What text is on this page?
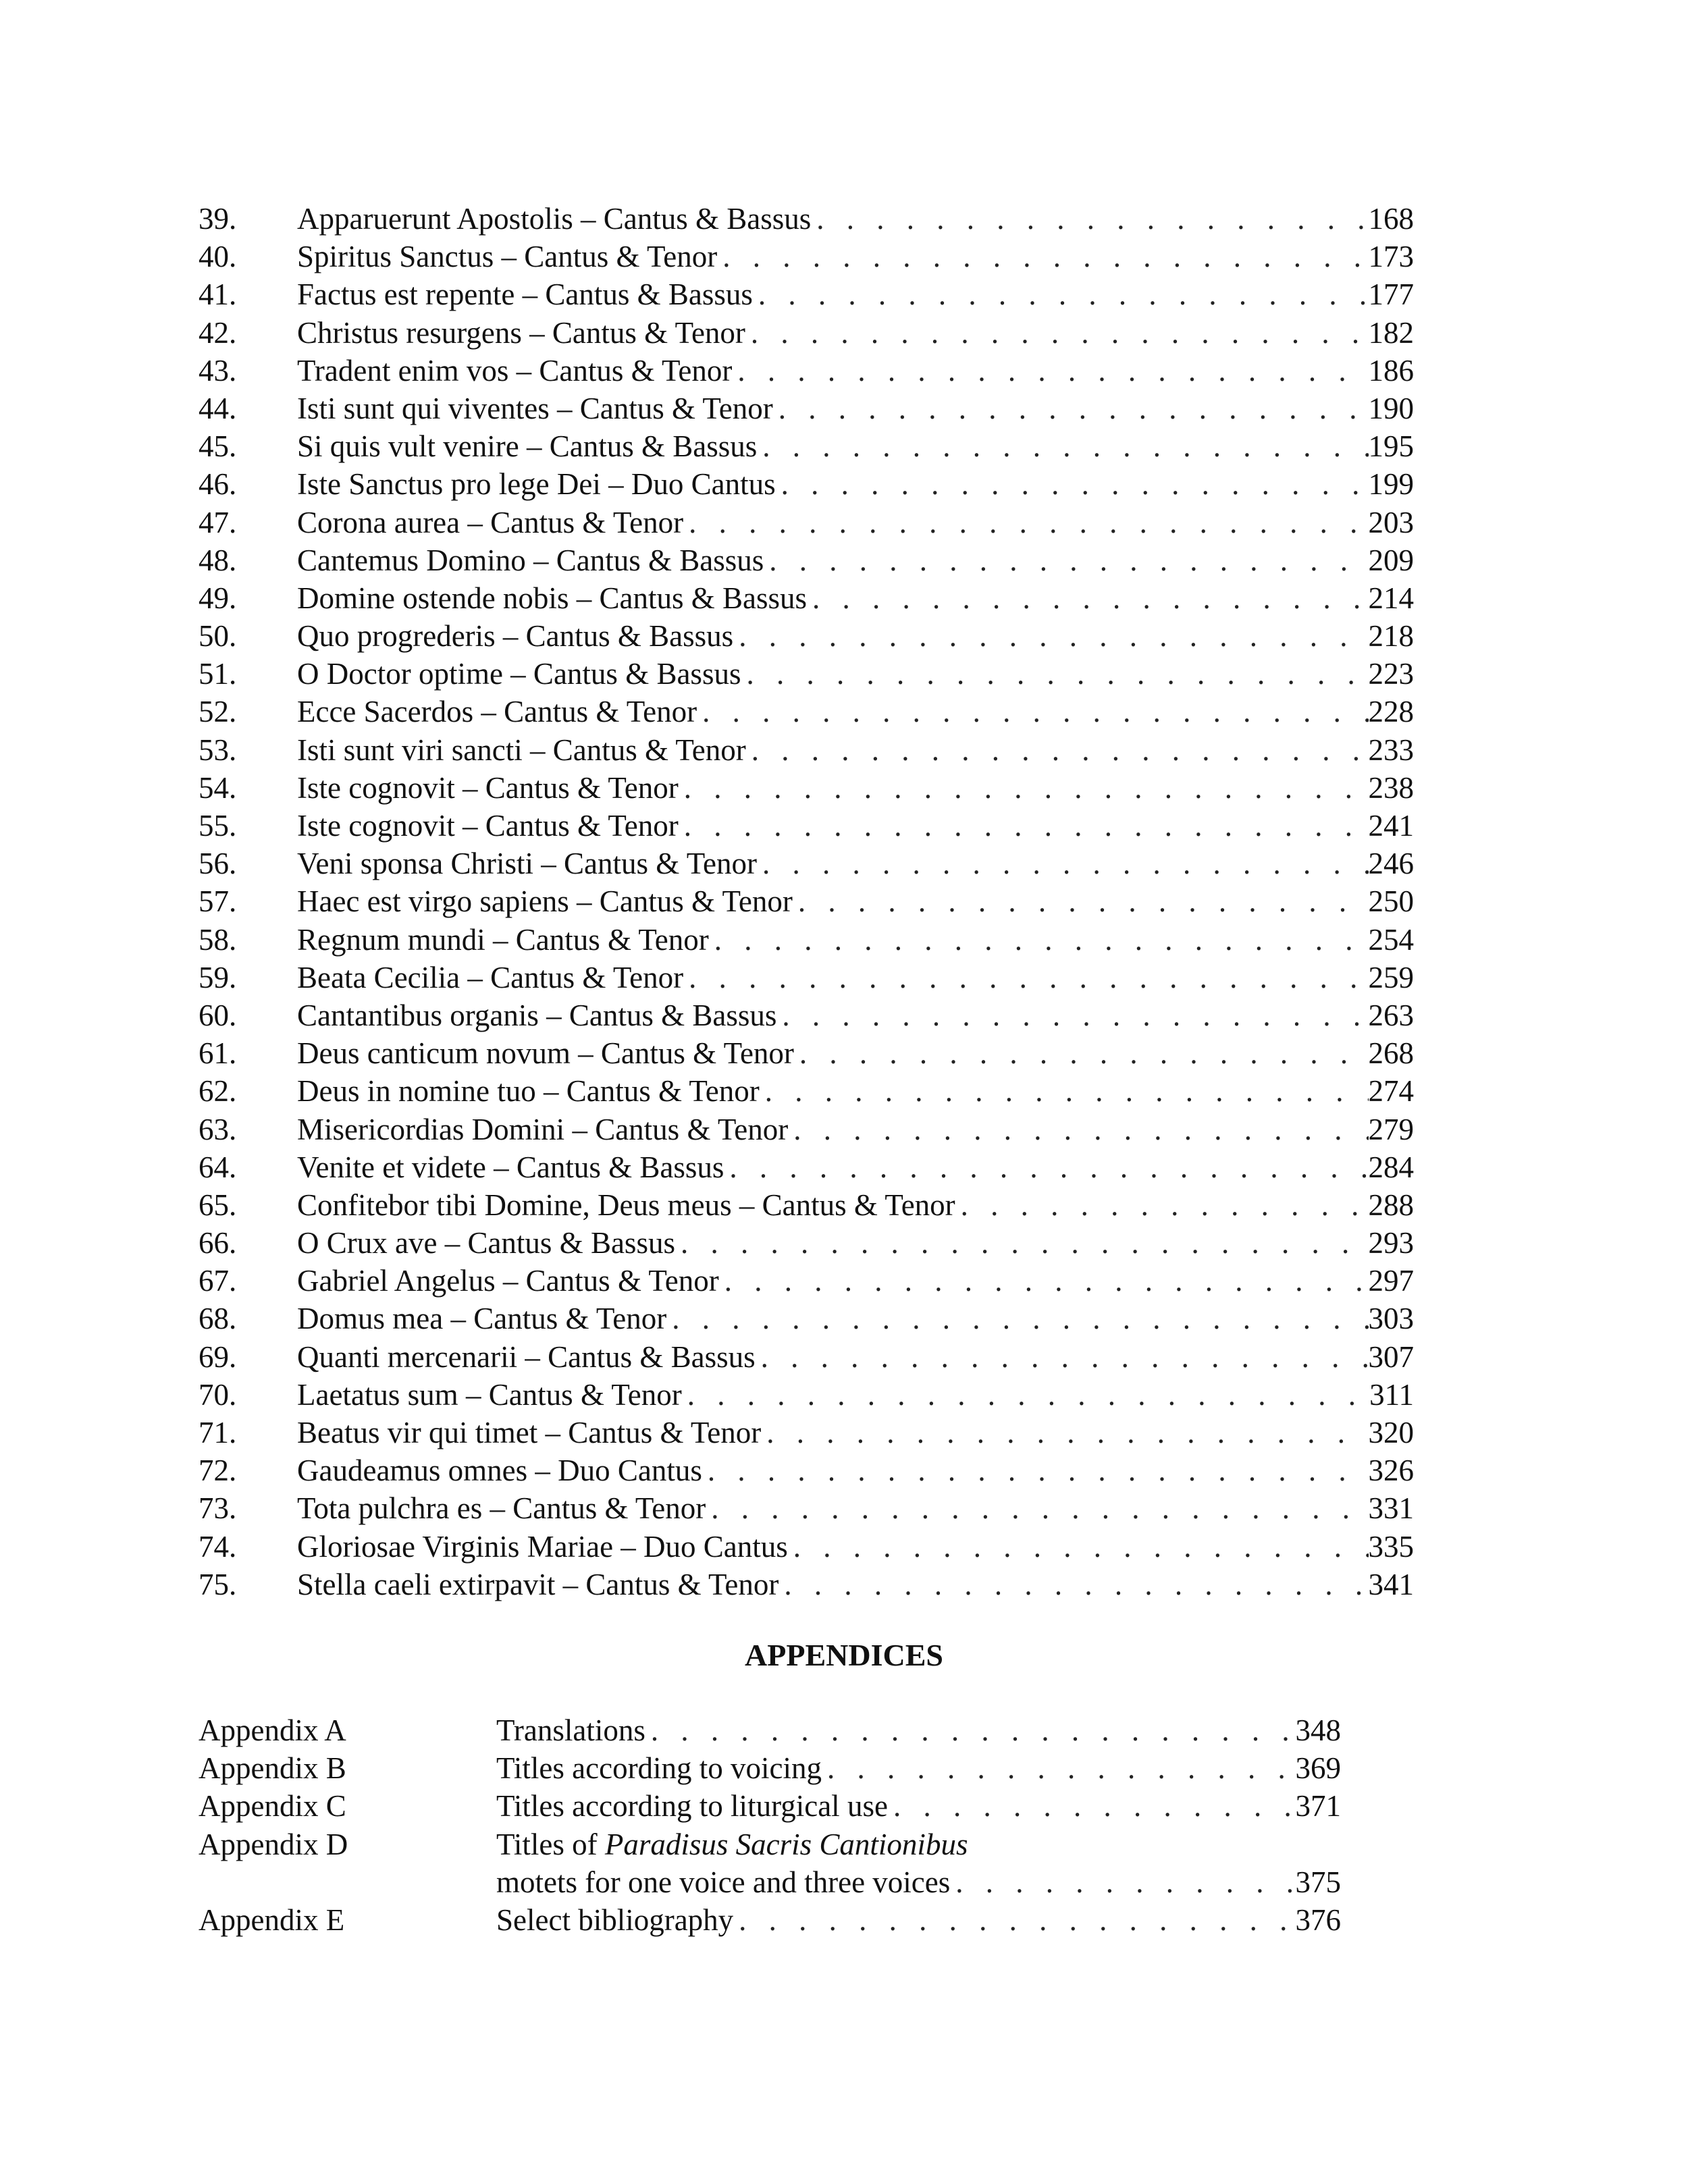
39.	Apparuerunt Apostolis – Cantus & Bassus . . .	168
40.	Spiritus Sanctus – Cantus & Tenor . . .	173
41.	Factus est repente – Cantus & Bassus . . .	177
42.	Christus resurgens – Cantus & Tenor . . .	182
43.	Tradent enim vos – Cantus & Tenor . . .	186
44.	Isti sunt qui viventes – Cantus & Tenor . . .	190
45.	Si quis vult venire – Cantus & Bassus . . .	195
46.	Iste Sanctus pro lege Dei – Duo Cantus . . .	199
47.	Corona aurea – Cantus & Tenor . . .	203
48.	Cantemus Domino – Cantus & Bassus . . .	209
49.	Domine ostende nobis – Cantus & Bassus . . .	214
50.	Quo progrederis – Cantus & Bassus . . .	218
51.	O Doctor optime – Cantus & Bassus . . .	223
52.	Ecce Sacerdos – Cantus & Tenor . . .	228
53.	Isti sunt viri sancti – Cantus & Tenor . . .	233
54.	Iste cognovit – Cantus & Tenor . . .	238
55.	Iste cognovit – Cantus & Tenor . . .	241
56.	Veni sponsa Christi – Cantus & Tenor . . .	246
57.	Haec est virgo sapiens – Cantus & Tenor . . .	250
58.	Regnum mundi – Cantus & Tenor . . .	254
59.	Beata Cecilia – Cantus & Tenor . . .	259
60.	Cantantibus organis – Cantus & Bassus . . .	263
61.	Deus canticum novum – Cantus & Tenor . . .	268
62.	Deus in nomine tuo – Cantus & Tenor . . .	274
63.	Misericordias Domini – Cantus & Tenor . . .	279
64.	Venite et videte – Cantus & Bassus . . .	284
65.	Confitebor tibi Domine, Deus meus – Cantus & Tenor . . .	288
66.	O Crux ave – Cantus & Bassus . . .	293
67.	Gabriel Angelus – Cantus & Tenor . . .	297
68.	Domus mea – Cantus & Tenor . . .	303
69.	Quanti mercenarii – Cantus & Bassus . . .	307
70.	Laetatus sum – Cantus & Tenor . . .	311
71.	Beatus vir qui timet – Cantus & Tenor . . .	320
72.	Gaudeamus omnes – Duo Cantus . . .	326
73.	Tota pulchra es – Cantus & Tenor . . .	331
74.	Gloriosae Virginis Mariae – Duo Cantus . . .	335
75.	Stella caeli extirpavit – Cantus & Tenor . . .	341
APPENDICES
Appendix A	Translations . . .	348
Appendix B	Titles according to voicing . . .	369
Appendix C	Titles according to liturgical use . . .	371
Appendix D	Titles of Paradisus Sacris Cantionibus
motets for one voice and three voices . . .	375
Appendix E	Select bibliography . . .	376
